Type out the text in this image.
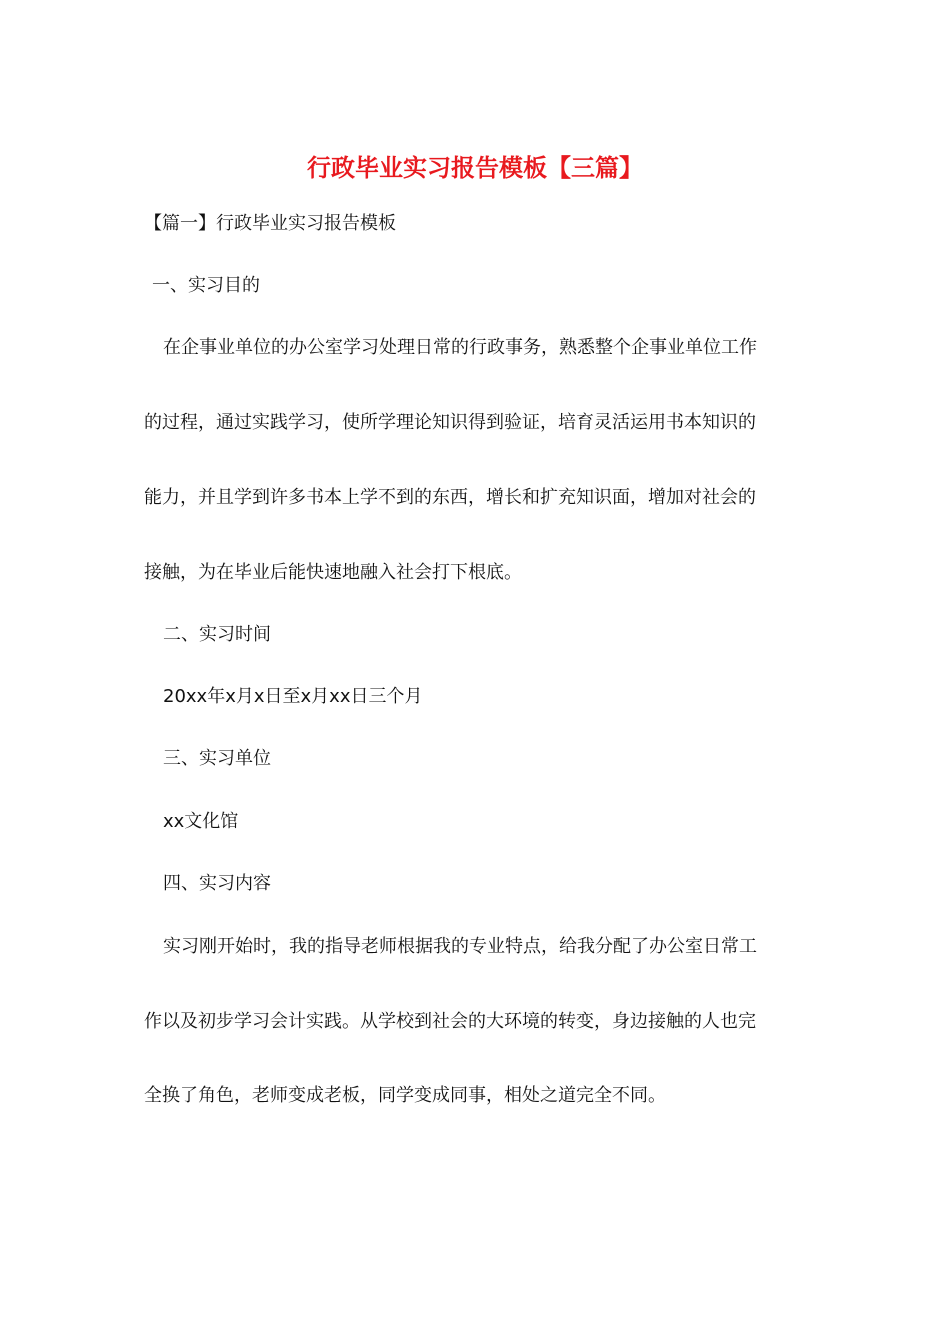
行政毕业实习报告模板【三篇】
【篇一】行政毕业实习报告模板
一、实习目的
在企事业单位的办公室学习处理日常的行政事务，熟悉整个企事业单位工作
的过程，通过实践学习，使所学理论知识得到验证，培育灵活运用书本知识的
能力，并且学到许多书本上学不到的东西，增长和扩充知识面，增加对社会的
接触，为在毕业后能快速地融入社会打下根底。
二、实习时间
20xx年x月x日至x月xx日三个月
三、实习单位
xx文化馆
四、实习内容
实习刚开始时，我的指导老师根据我的专业特点，给我分配了办公室日常工
作以及初步学习会计实践。从学校到社会的大环境的转变，身边接触的人也完
全换了角色，老师变成老板，同学变成同事，相处之道完全不同。
